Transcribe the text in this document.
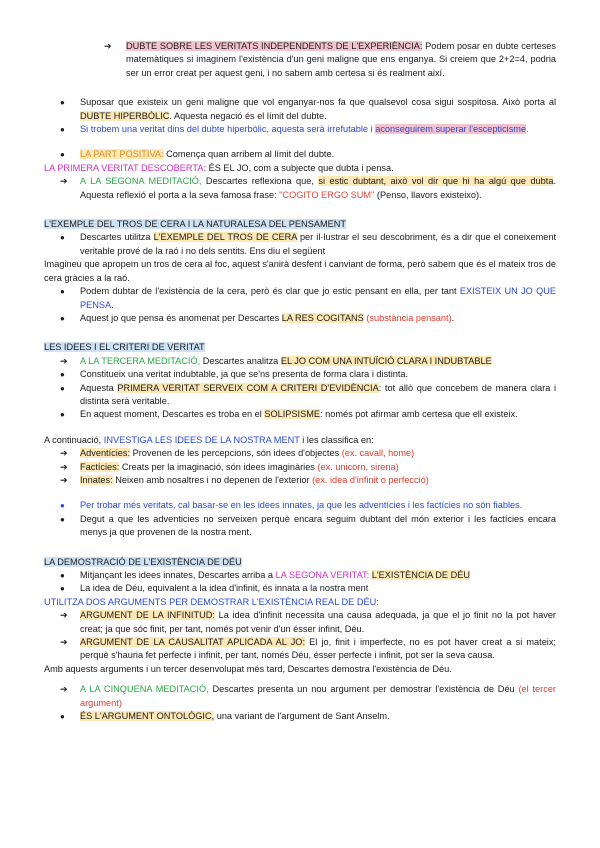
➔	DUBTE SOBRE LES VERITATS INDEPENDENTS DE L'EXPERIÈNCIA: Podem posar en dubte certeses matemàtiques si imaginem l'existència d'un geni maligne que ens enganya. Si creiem que 2+2=4, podria ser un error creat per aquest geni, i no sabem amb certesa si és realment així.
●	Suposar que existeix un geni maligne que vol enganyar-nos fa que qualsevol cosa sigui sospitosa. Això porta al DUBTE HIPERBÒLIC. Aquesta negació és el límit del dubte.
●	Si trobem una veritat dins del dubte hiperbòlic, aquesta serà irrefutable i aconseguirem superar l'escepticisme.
●	LA PART POSITIVA: Comença quan arribem al límit del dubte.
LA PRIMERA VERITAT DESCOBERTA: ÉS EL JO, com a subjecte que dubta i pensa.
➔	A LA SEGONA MEDITACIÓ, Descartes reflexiona que, si estic dubtant, això vol dir que hi ha algú que dubta. Aquesta reflexió el porta a la seva famosa frase: "COGITO ERGO SUM" (Penso, llavors existeixo).
L'EXEMPLE DEL TROS DE CERA I LA NATURALESA DEL PENSAMENT
●	Descartes utilitza L'EXEMPLE DEL TROS DE CERA per il·lustrar el seu descobriment, és a dir que el coneixement veritable prové de la raó i no dels sentits. Ens diu el següent
Imagineu que apropem un tros de cera al foc, aquest s'anirà desfent i canviant de forma, però sabem que és el mateix tros de cera gràcies a la raó.
●	Podem dubtar de l'existència de la cera, però és clar que jo estic pensant en ella, per tant EXISTEIX UN JO QUE PENSA.
●	Aquest jo que pensa és anomenat per Descartes LA RES COGITANS (substància pensant).
LES IDEES I EL CRITERI DE VERITAT
➔	A LA TERCERA MEDITACIÓ, Descartes analitza EL JO COM UNA INTUÏCIÓ CLARA I INDUBTABLE
●	Constitueix una veritat indubtable, ja que se'ns presenta de forma clara i distinta.
●	Aquesta PRIMERA VERITAT SERVEIX COM A CRITERI D'EVIDÈNCIA: tot allò que concebem de manera clara i distinta serà veritable.
●	En aquest moment, Descartes es troba en el SOLIPSISME: només pot afirmar amb certesa que ell existeix.
A continuació, INVESTIGA LES IDEES DE LA NOSTRA MENT i les classifica en:
➔	Adventícies: Provenen de les percepcions, són idees d'objectes (ex. cavall, home)
➔	Factícies: Creats per la imaginació, són idees imaginàries (ex. unicorn, sirena)
➔	Innates: Neixen amb nosaltres i no depenen de l'exterior (ex. idea d'infinit o perfecció)
●	Per trobar més veritats, cal basar-se en les idees innates, ja que les adventícies i les factícies no són fiables.
●	Degut a que les adventicies no serveixen perquè encara seguim dubtant del món exterior i les factícies encara menys ja que provenen de la nostra ment.
LA DEMOSTRACIÓ DE L'EXISTÈNCIA DE DÉU
●	Mitjançant les idees innates, Descartes arriba a LA SEGONA VERITAT: L'EXISTÈNCIA DE DÉU
●	La idea de Déu, equivalent a la idea d'infinit, és innata a la nostra ment
UTILITZA DOS ARGUMENTS PER DEMOSTRAR L'EXISTÈNCIA REAL DE DÉU:
➔	ARGUMENT DE LA INFINITUD: La idea d'infinit necessita una causa adequada, ja que el jo finit no la pot haver creat; ja que sóc finit, per tant, només pot venir d'un ésser infinit, Déu.
➔	ARGUMENT DE LA CAUSALITAT APLICADA AL JO: El jo, finit i imperfecte, no es pot haver creat a si mateix; perquè s'hauria fet perfecte i infinit, per tant, només Déu, ésser perfecte i infinit, pot ser la seva causa.
Amb aquests arguments i un tercer desenvolupat més tard, Descartes demostra l'existència de Déu.
➔	A LA CINQUENA MEDITACIÓ, Descartes presenta un nou argument per demostrar l'existència de Déu (el tercer argument)
●	ÉS L'ARGUMENT ONTOLÒGIC, una variant de l'argument de Sant Anselm.
